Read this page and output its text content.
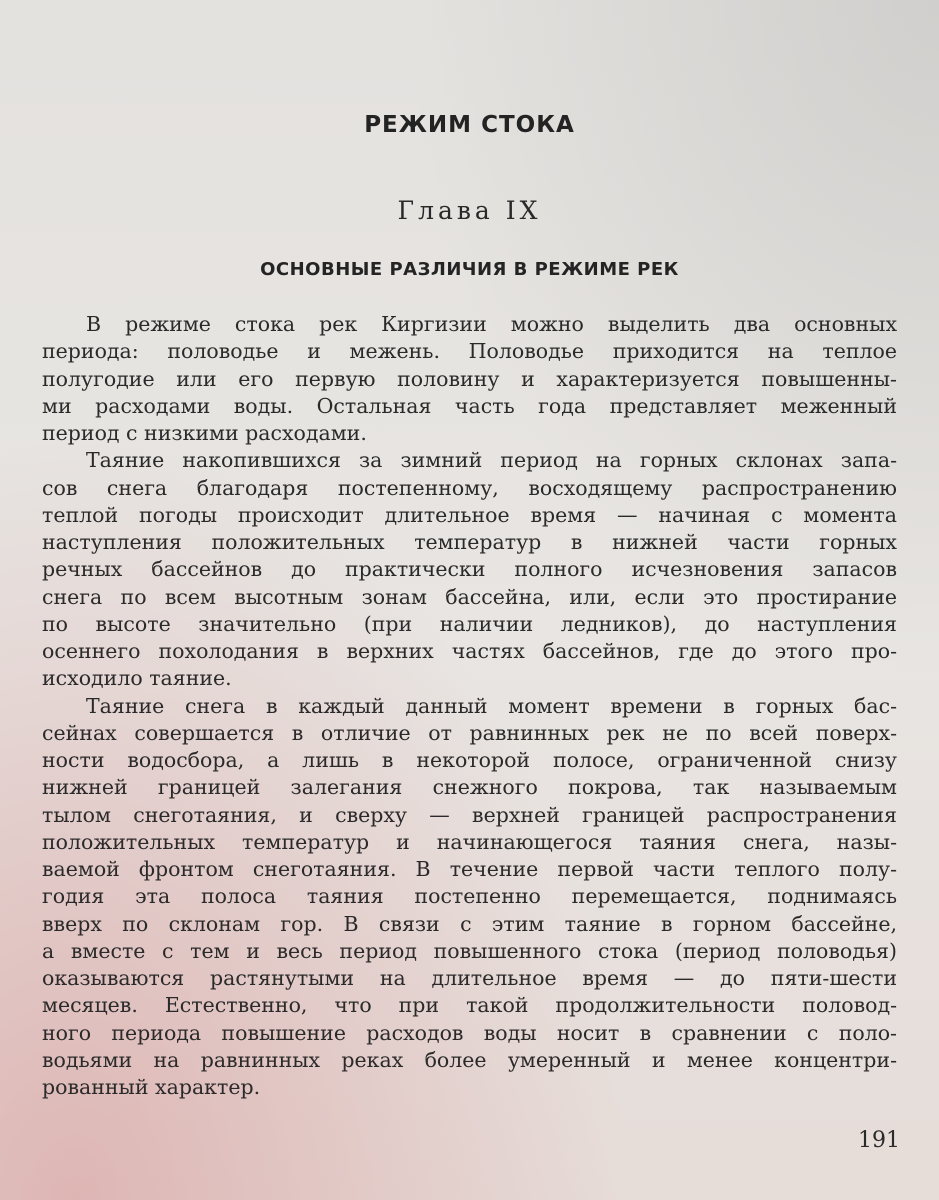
РЕЖИМ СТОКА
Глава IX
ОСНОВНЫЕ РАЗЛИЧИЯ В РЕЖИМЕ РЕК
В режиме стока рек Киргизии можно выделить два основных
периода: половодье и межень. Половодье приходится на теплое
полугодие или его первую половину и характеризуется повышенны-
ми расходами воды. Остальная часть года представляет меженный
период с низкими расходами.
Таяние накопившихся за зимний период на горных склонах запа-
сов снега благодаря постепенному, восходящему распространению
теплой погоды происходит длительное время — начиная с момента
наступления положительных температур в нижней части горных
речных бассейнов до практически полного исчезновения запасов
снега по всем высотным зонам бассейна, или, если это простирание
по высоте значительно (при наличии ледников), до наступления
осеннего похолодания в верхних частях бассейнов, где до этого про-
исходило таяние.
Таяние снега в каждый данный момент времени в горных бас-
сейнах совершается в отличие от равнинных рек не по всей поверх-
ности водосбора, а лишь в некоторой полосе, ограниченной снизу
нижней границей залегания снежного покрова, так называемым
тылом снеготаяния, и сверху — верхней границей распространения
положительных температур и начинающегося таяния снега, назы-
ваемой фронтом снеготаяния. В течение первой части теплого полу-
годия эта полоса таяния постепенно перемещается, поднимаясь
вверх по склонам гор. В связи с этим таяние в горном бассейне,
а вместе с тем и весь период повышенного стока (период половодья)
оказываются растянутыми на длительное время — до пяти-шести
месяцев. Естественно, что при такой продолжительности половод-
ного периода повышение расходов воды носит в сравнении с поло-
водьями на равнинных реках более умеренный и менее концентри-
рованный характер.
191
